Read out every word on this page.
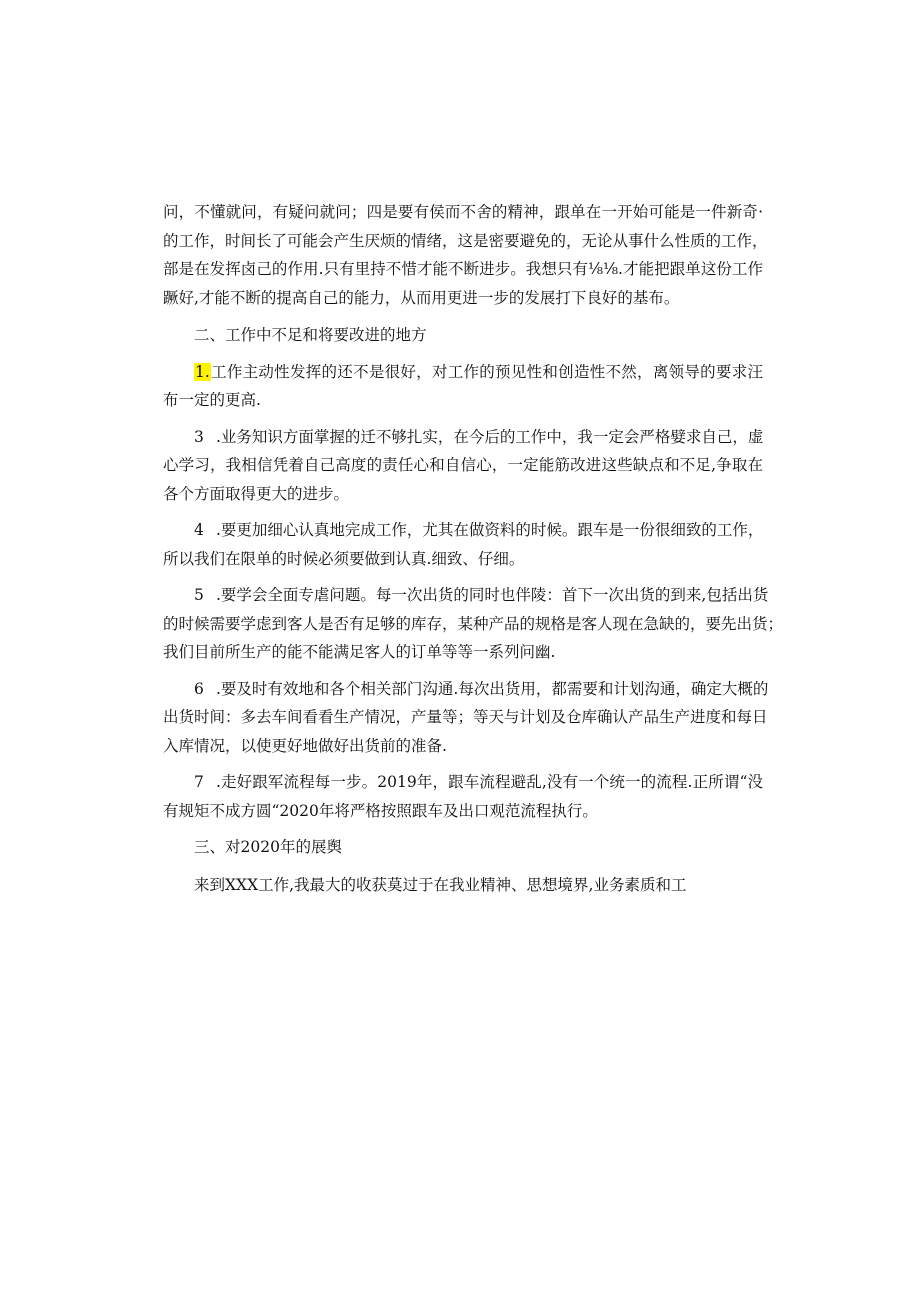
问，不懂就问，有疑问就问；四是要有侯而不舍的精神，跟单在一开始可能是一件新奇·
的工作，时间长了可能会产生厌烦的情绪，这是密要避免的，无论从事什么性质的工作，
部是在发挥卤己的作用.只有里持不惜才能不断进步。我想只有⅛⅛.才能把跟单这份工作
蹶好,才能不断的提高自己的能力，从而用更进一步的发展打下良好的基布。
二、工作中不足和将要改进的地方
1.工作主动性发挥的还不是很好，对工作的预见性和创造性不然，离领导的要求汪
布一定的更高.
3 .业务知识方面掌握的迁不够扎实，在今后的工作中，我一定会严格嬖求自己，虚
心学习，我相信凭着自己高度的责任心和自信心，一定能筋改进这些缺点和不足,争取在
各个方面取得更大的进步。
4 .要更加细心认真地完成工作，尤其在做资料的时候。跟车是一份很细致的工作，
所以我们在限单的时候必须要做到认真.细致、仔细。
5 .要学会全面专虐问题。每一次出货的同时也伴陵：首下一次出货的到来,包括出货
的时候需要学虑到客人是否有足够的库存，某种产品的规格是客人现在急缺的，要先出货；
我们目前所生产的能不能满足客人的订单等等一系列问幽.
6 .要及时有效地和各个相关部门沟通.每次出货用，都需要和计划沟通，确定大概的
出货时间：多去车间看看生产情况，产量等；等天与计划及仓库确认产品生产进度和每日
入库情况，以使更好地做好出货前的准备.
7 .走好跟军流程每一步。2019年，跟车流程避乱,没有一个统一的流程.正所谓“没
有规矩不成方圆“2020年将严格按照跟车及出口观范流程执行。
三、对2020年的展舆
来到XXX工作,我最大的收获莫过于在我业精神、思想境界,业务素质和工
